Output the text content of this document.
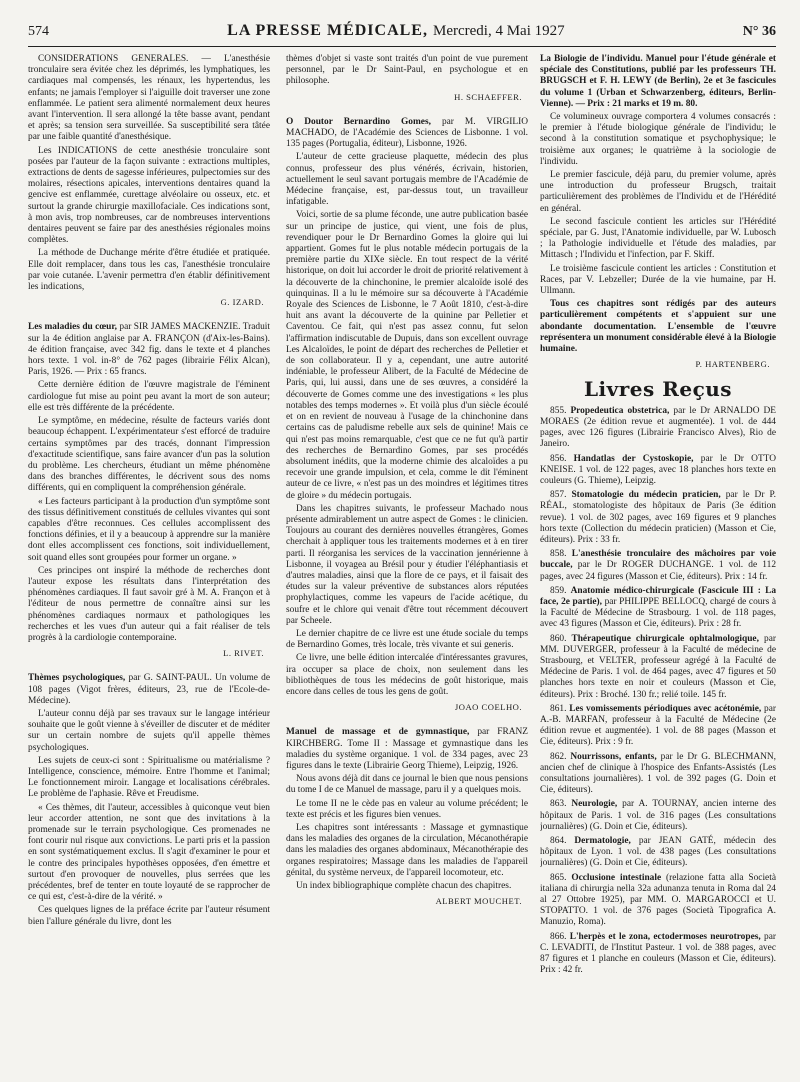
574	LA PRESSE MÉDICALE, Mercredi, 4 Mai 1927	N° 36

CONSIDÉRATIONS GÉNÉRALES. — L'anesthésie tronculaire sera évitée chez les déprimés, les lymphatiques, les cardiaques mal compensés, les rénaux, les hypertendus, les enfants; ne jamais l'employer si l'aiguille doit traverser une zone enflammée. Le patient sera alimenté normalement deux heures avant l'intervention. Il sera allongé la tête basse avant, pendant et après; sa tension sera surveillée. Sa susceptibilité sera tâtée par une faible quantité d'anesthésique.

Les INDICATIONS de cette anesthésie tronculaire sont posées par l'auteur de la façon suivante : extractions multiples, extractions de dents de sagesse inférieures, pulpectomies sur des molaires, résections apicales, interventions dentaires quand la gencive est enflammée, curettage alvéolaire ou osseux, etc. et surtout la grande chirurgie maxillofaciale. Ces indications sont, à mon avis, trop nombreuses, car de nombreuses interventions dentaires peuvent se faire par des anesthésies régionales moins complètes.

La méthode de Duchange mérite d'être étudiée et pratiquée. Elle doit remplacer, dans tous les cas, l'anesthésie tronculaire par voie cutanée. L'avenir permettra d'en établir définitivement les indications,

G. IZARD.

Les maladies du cœur, par SIR JAMES MACKENZIE. Traduit sur la 4e édition anglaise par A. FRANÇON (d'Aix-les-Bains). 4e édition française, avec 342 fig. dans le texte et 4 planches hors texte. 1 vol. in-8° de 762 pages (librairie Félix Alcan), Paris, 1926. — Prix : 65 francs.

Cette dernière édition de l'œuvre magistrale de l'éminent cardiologue fut mise au point peu avant la mort de son auteur; elle est très différente de la précédente.

Le symptôme, en médecine, résulte de facteurs variés dont beaucoup échappent. L'expérimentateur s'est efforcé de traduire certains symptômes par des tracés, donnant l'impression d'exactitude scientifique, sans faire avancer d'un pas la solution du problème. Les chercheurs, étudiant un même phénomène dans des branches différentes, le décrivent sous des noms différents, qui en compliquent la compréhension générale.

« Les facteurs participant à la production d'un symptôme sont des tissus définitivement constitués de cellules vivantes qui sont capables d'être reconnues. Ces cellules accomplissent des fonctions définies, et il y a beaucoup à apprendre sur la manière dont elles accomplissent ces fonctions, soit individuellement, soit quand elles sont groupées pour former un organe. »

Ces principes ont inspiré la méthode de recherches dont l'auteur expose les résultats dans l'interprétation des phénomènes cardiaques. Il faut savoir gré à M. A. Françon et à l'éditeur de nous permettre de connaître ainsi sur les phénomènes cardiaques normaux et pathologiques les recherches et les vues d'un auteur qui a fait réaliser de tels progrès à la cardiologie contemporaine.

L. RIVET.

Thèmes psychologiques, par G. SAINT-PAUL. Un volume de 108 pages (Vigot frères, éditeurs, 23, rue de l'Ecole-de-Médecine).

L'auteur connu déjà par ses travaux sur le langage intérieur souhaite que le goût vienne à s'éveiller de discuter et de méditer sur un certain nombre de sujets qu'il appelle thèmes psychologiques.

Les sujets de ceux-ci sont : Spiritualisme ou matérialisme ? Intelligence, conscience, mémoire. Entre l'homme et l'animal; Le fonctionnement miroir. Langage et localisations cérébrales. Le problème de l'aphasie. Rêve et Freudisme.

« Ces thèmes, dit l'auteur, accessibles à quiconque veut bien leur accorder attention, ne sont que des invitations à la promenade sur le terrain psychologique. Ces promenades ne font courir nul risque aux convictions. Le parti pris et la passion en sont systématiquement exclus. Il s'agit d'examiner le pour et le contre des principales hypothèses opposées, d'en émettre et surtout d'en provoquer de nouvelles, plus serrées que les précédentes, bref de tenter en toute loyauté de se rapprocher de ce qui est, c'est-à-dire de la vérité. »

Ces quelques lignes de la préface écrite par l'auteur résument bien l'allure générale du livre, dont les

thèmes d'objet si vaste sont traités d'un point de vue purement personnel, par le Dr Saint-Paul, en psychologue et en philosophe.

H. SCHAEFFER.

O Doutor Bernardino Gomes, par M. VIRGILIO MACHADO, de l'Académie des Sciences de Lisbonne. 1 vol. 135 pages (Portugalia, éditeur), Lisbonne, 1926.

L'auteur de cette gracieuse plaquette, médecin des plus connus, professeur des plus vénérés, écrivain, historien, actuellement le seul savant portugais membre de l'Académie de Médecine française, est, par-dessus tout, un travailleur infatigable.

Voici, sortie de sa plume féconde, une autre publication basée sur un principe de justice, qui vient, une fois de plus, revendiquer pour le Dr Bernardino Gomes la gloire qui lui appartient. Gomes fut le plus notable médecin portugais de la première partie du XIXe siècle. En tout respect de la vérité historique, on doit lui accorder le droit de priorité relativement à la découverte de la chinchonine, le premier alcaloïde isolé des quinquinas. Il a lu le mémoire sur sa découverte à l'Académie Royale des Sciences de Lisbonne, le 7 Août 1810, c'est-à-dire huit ans avant la découverte de la quinine par Pelletier et Caventou. Ce fait, qui n'est pas assez connu, fut selon l'affirmation indiscutable de Dupuis, dans son excellent ouvrage Les Alcaloïdes, le point de départ des recherches de Pelletier et de son collaborateur. Il y a, cependant, une autre autorité indéniable, le professeur Alibert, de la Faculté de Médecine de Paris, qui, lui aussi, dans une de ses œuvres, a considéré la découverte de Gomes comme une des investigations « les plus notables des temps modernes ». Et voilà plus d'un siècle écoulé et on en revient de nouveau à l'usage de la chinchonine dans certains cas de paludisme rebelle aux sels de quinine! Mais ce qui n'est pas moins remarquable, c'est que ce ne fut qu'à partir des recherches de Bernardino Gomes, par ses procédés absolument inédits, que la moderne chimie des alcaloïdes a pu recevoir une grande impulsion, et cela, comme le dit l'éminent auteur de ce livre, « n'est pas un des moindres et légitimes titres de gloire » du médecin portugais.

Dans les chapitres suivants, le professeur Machado nous présente admirablement un autre aspect de Gomes : le clinicien. Toujours au courant des dernières nouvelles étrangères, Gomes cherchait à appliquer tous les traitements modernes et à en tirer parti. Il réorganisa les services de la vaccination jennérienne à Lisbonne, il voyagea au Brésil pour y étudier l'éléphantiasis et d'autres maladies, ainsi que la flore de ce pays, et il faisait des études sur la valeur préventive de substances alors réputées prophylactiques, comme les vapeurs de l'acide acétique, du soufre et le chlore qui venait d'être tout récemment découvert par Scheele.

Le dernier chapitre de ce livre est une étude sociale du temps de Bernardino Gomes, très locale, très vivante et sui generis.

Ce livre, une belle édition intercalée d'intéressantes gravures, ira occuper sa place de choix, non seulement dans les bibliothèques de tous les médecins de goût historique, mais encore dans celles de tous les gens de goût.

JOAO COELHO.

Manuel de massage et de gymnastique, par FRANZ KIRCHBERG. Tome II : Massage et gymnastique dans les maladies du système organique. 1 vol. de 334 pages, avec 23 figures dans le texte (Librairie Georg Thieme), Leipzig, 1926.

Nous avons déjà dit dans ce journal le bien que nous pensions du tome I de ce Manuel de massage, paru il y a quelques mois.

Le tome II ne le cède pas en valeur au volume précédent; le texte est précis et les figures bien venues.

Les chapitres sont intéressants : Massage et gymnastique dans les maladies des organes de la circulation, Mécanothérapie dans les maladies des organes abdominaux, Mécanothérapie des organes respiratoires; Massage dans les maladies de l'appareil génital, du système nerveux, de l'appareil locomoteur, etc.

Un index bibliographique complète chacun des chapitres.

ALBERT MOUCHET.

La Biologie de l'individu. Manuel pour l'étude générale et spéciale des Constitutions, publié par les professeurs TH. BRUGSCH et F. H. LEWY (de Berlin), 2e et 3e fascicules du volume 1 (Urban et Schwarzenberg, éditeurs, Berlin-Vienne). — Prix : 21 marks et 19 m. 80.

Ce volumineux ouvrage comportera 4 volumes consacrés : le premier à l'étude biologique générale de l'individu; le second à la constitution somatique et psychophysique; le troisième aux organes; le quatrième à la sociologie de l'individu.

Le premier fascicule, déjà paru, du premier volume, après une introduction du professeur Brugsch, traitait particulièrement des problèmes de l'Individu et de l'Hérédité en général.

Le second fascicule contient les articles sur l'Hérédité spéciale, par G. Just, l'Anatomie individuelle, par W. Lubosch ; la Pathologie individuelle et l'étude des maladies, par Mittasch ; l'Individu et l'infection, par F. Skiff.

Le troisième fascicule contient les articles : Constitution et Races, par V. Lebzeller; Durée de la vie humaine, par H. Ullmann.

Tous ces chapitres sont rédigés par des auteurs particulièrement compétents et s'appuient sur une abondante documentation. L'ensemble de l'œuvre représentera un monument considérable élevé à la Biologie humaine.

P. HARTENBERG.
Livres Reçus

855. Propedeutica obstetrica, par le Dr ARNALDO DE MORAES (2e édition revue et augmentée). 1 vol. de 444 pages, avec 126 figures (Librairie Francisco Alves), Rio de Janeiro.

856. Handatlas der Cystoskopie, par le Dr OTTO KNEISE. 1 vol. de 122 pages, avec 18 planches hors texte en couleurs (G. Thieme), Leipzig.

857. Stomatologie du médecin praticien, par le Dr P. RÉAL, stomatologiste des hôpitaux de Paris (3e édition revue). 1 vol. de 302 pages, avec 169 figures et 9 planches hors texte (Collection du médecin praticien) (Masson et Cie, éditeurs). Prix : 33 fr.

858. L'anesthésie tronculaire des mâchoires par voie buccale, par le Dr ROGER DUCHANGE. 1 vol. de 112 pages, avec 24 figures (Masson et Cie, éditeurs). Prix : 14 fr.

859. Anatomie médico-chirurgicale (Fascicule III : La face, 2e partie), par PHILIPPE BELLOCQ, chargé de cours à la Faculté de Médecine de Strasbourg. 1 vol. de 118 pages, avec 43 figures (Masson et Cie, éditeurs). Prix : 28 fr.

860. Thérapeutique chirurgicale ophtalmologique, par MM. DUVERGER, professeur à la Faculté de médecine de Strasbourg, et VELTER, professeur agrégé à la Faculté de Médecine de Paris. 1 vol. de 464 pages, avec 47 figures et 50 planches hors texte en noir et couleurs (Masson et Cie, éditeurs). Prix : Broché. 130 fr.; relié toile. 145 fr.

861. Les vomissements périodiques avec acétonémie, par A.-B. MARFAN, professeur à la Faculté de Médecine (2e édition revue et augmentée). 1 vol. de 88 pages (Masson et Cie, éditeurs). Prix : 9 fr.

862. Nourrissons, enfants, par le Dr G. BLECHMANN, ancien chef de clinique à l'hospice des Enfants-Assistés (Les consultations journalières). 1 vol. de 392 pages (G. Doin et Cie, éditeurs).

863. Neurologie, par A. TOURNAY, ancien interne des hôpitaux de Paris. 1 vol. de 316 pages (Les consultations journalières) (G. Doin et Cie, éditeurs).

864. Dermatologie, par JEAN GATÉ, médecin des hôpitaux de Lyon. 1 vol. de 438 pages (Les consultations journalières) (G. Doin et Cie, éditeurs).

865. Occlusione intestinale (relazione fatta alla Società italiana di chirurgia nella 32a adunanza tenuta in Roma dal 24 al 27 Ottobre 1925), par MM. O. MARGAROCCI et U. STOPATTO. 1 vol. de 376 pages (Società Tipografica A. Manuzio, Roma).

866. L'herpès et le zona, ectodermoses neurotropes, par C. LEVADITI, de l'Institut Pasteur. 1 vol. de 388 pages, avec 87 figures et 1 planche en couleurs (Masson et Cie, éditeurs). Prix : 42 fr.
